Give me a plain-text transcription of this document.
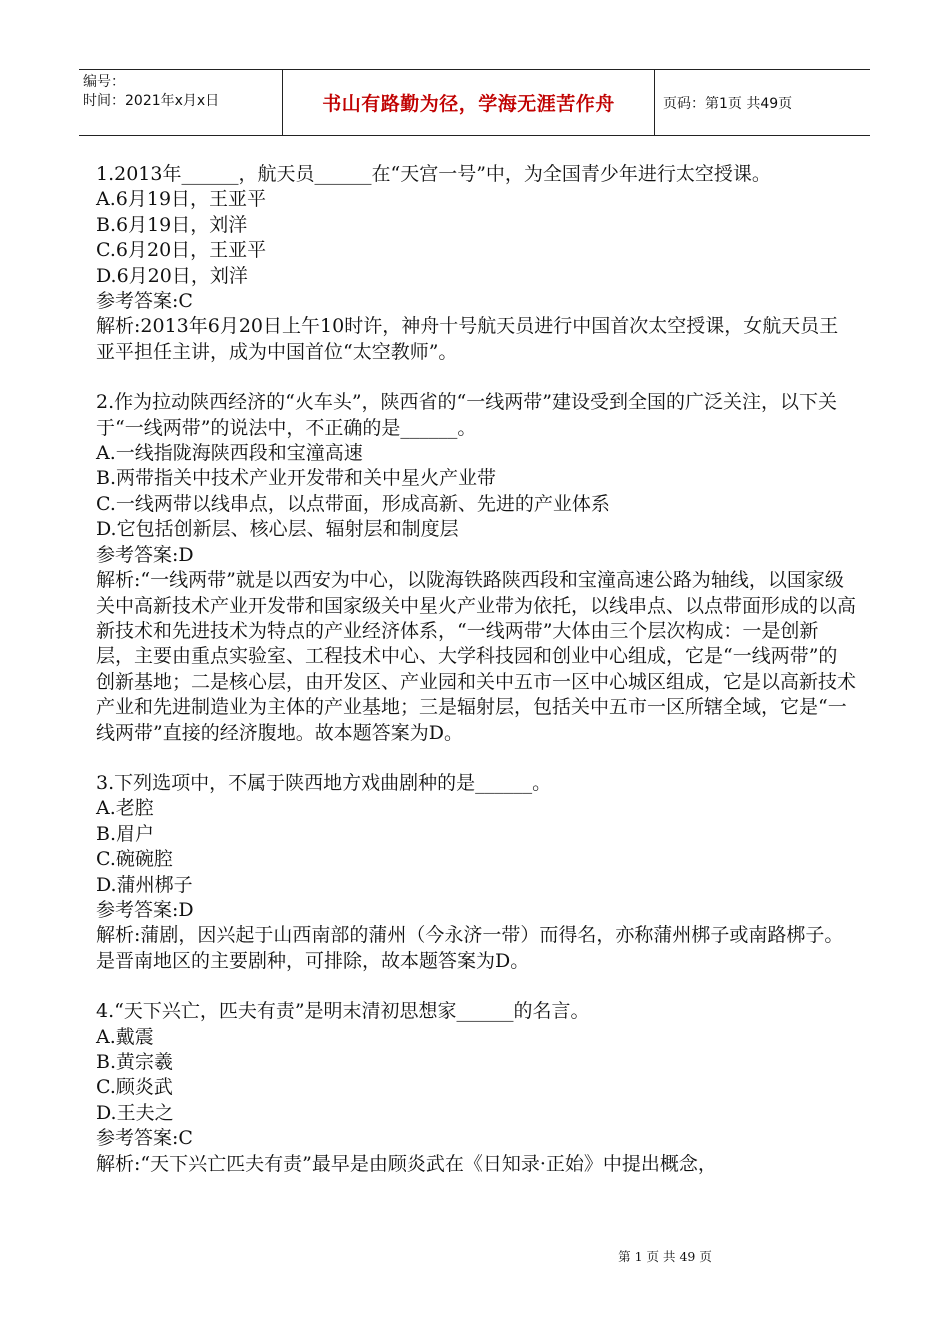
编号：
时间：2021年x月x日	书山有路勤为径，学海无涯苦作舟	页码：第1页 共49页

1.2013年______，航天员______在“天宫一号”中，为全国青少年进行太空授课。

A.6月19日，王亚平

B.6月19日，刘洋

C.6月20日，王亚平

D.6月20日，刘洋

参考答案:C

解析:2013年6月20日上午10时许，神舟十号航天员进行中国首次太空授课，女航天员王亚平担任主讲，成为中国首位“太空教师”。

2.作为拉动陕西经济的“火车头”，陕西省的“一线两带”建设受到全国的广泛关注，以下关于“一线两带”的说法中，不正确的是______。

A.一线指陇海陕西段和宝潼高速

B.两带指关中技术产业开发带和关中星火产业带

C.一线两带以线串点，以点带面，形成高新、先进的产业体系

D.它包括创新层、核心层、辐射层和制度层

参考答案:D

解析:“一线两带”就是以西安为中心，以陇海铁路陕西段和宝潼高速公路为轴线，以国家级关中高新技术产业开发带和国家级关中星火产业带为依托，以线串点、以点带面形成的以高新技术和先进技术为特点的产业经济体系，“一线两带”大体由三个层次构成：一是创新层，主要由重点实验室、工程技术中心、大学科技园和创业中心组成，它是“一线两带”的创新基地；二是核心层，由开发区、产业园和关中五市一区中心城区组成，它是以高新技术产业和先进制造业为主体的产业基地；三是辐射层，包括关中五市一区所辖全域，它是“一线两带”直接的经济腹地。故本题答案为D。

3.下列选项中，不属于陕西地方戏曲剧种的是______。

A.老腔

B.眉户

C.碗碗腔

D.蒲州梆子

参考答案:D

解析:蒲剧，因兴起于山西南部的蒲州（今永济一带）而得名，亦称蒲州梆子或南路梆子。是晋南地区的主要剧种，可排除，故本题答案为D。

4.“天下兴亡，匹夫有责”是明末清初思想家______的名言。

A.戴震

B.黄宗羲

C.顾炎武

D.王夫之

参考答案:C

解析:“天下兴亡匹夫有责”最早是由顾炎武在《日知录·正始》中提出概念，

第 1 页 共 49 页
